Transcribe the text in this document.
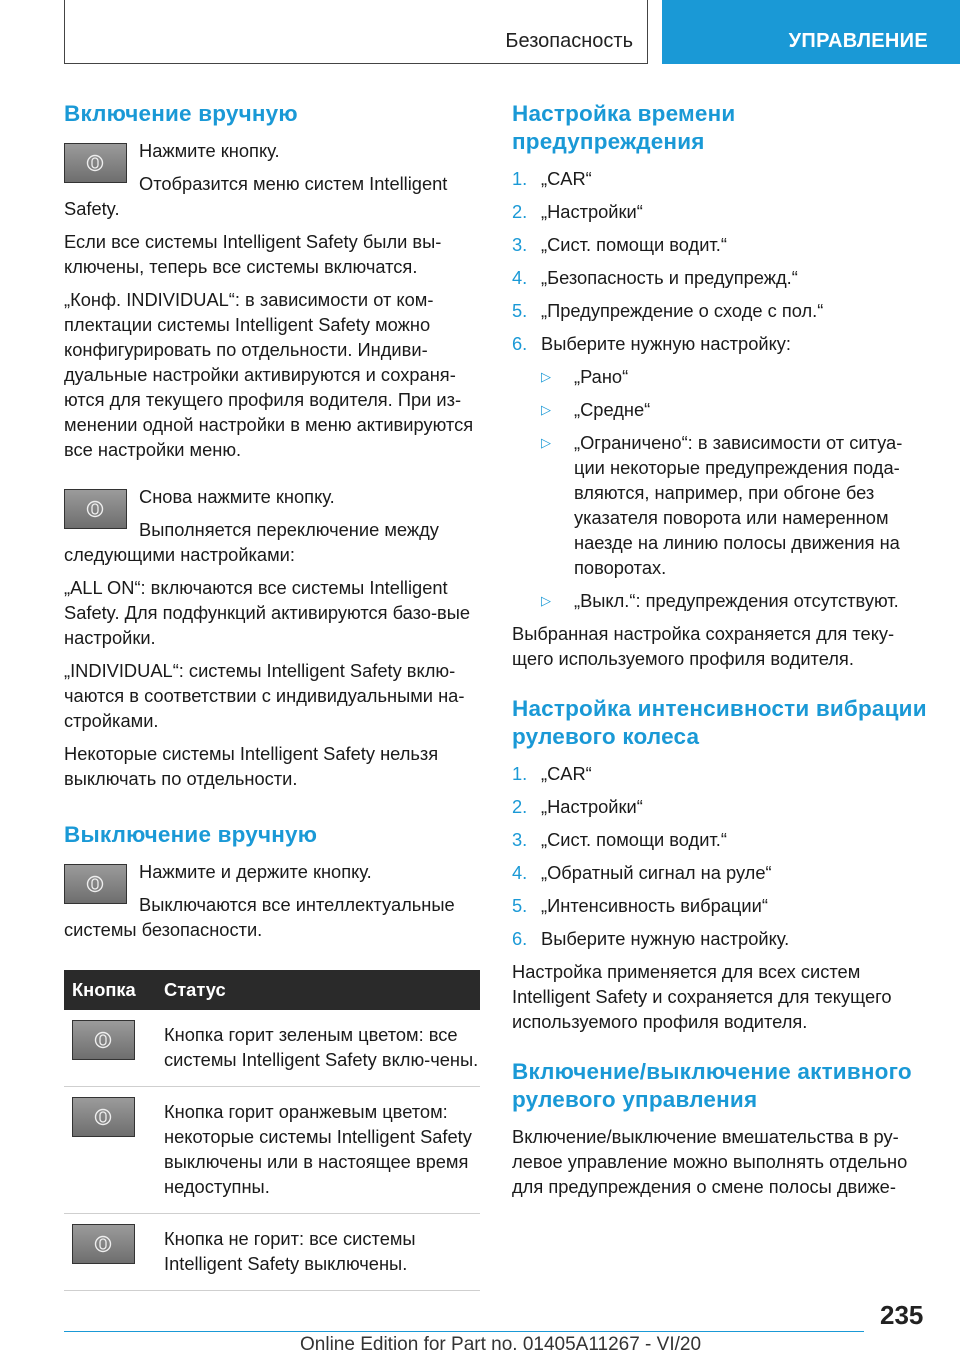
Безопасность	УПРАВЛЕНИЕ
Включение вручную

Нажмите кнопку.

Отобразится меню систем Intelligent Safety.

Если все системы Intelligent Safety были вы-ключены, теперь все системы включатся.

„Конф. INDIVIDUAL“: в зависимости от ком-плектации системы Intelligent Safety можно конфигурировать по отдельности. Индиви-дуальные настройки активируются и сохраня-ются для текущего профиля водителя. При из-менении одной настройки в меню активируются все настройки меню.

Снова нажмите кнопку.

Выполняется переключение между следующими настройками:

„ALL ON“: включаются все системы Intelligent Safety. Для подфункций активируются базо-вые настройки.

„INDIVIDUAL“: системы Intelligent Safety вклю-чаются в соответствии с индивидуальными на-стройками.

Некоторые системы Intelligent Safety нельзя выключать по отдельности.

Выключение вручную

Нажмите и держите кнопку.

Выключаются все интеллектуальные системы безопасности.

Кнопка	Статус

	Кнопка горит зеленым цветом: все системы Intelligent Safety вклю-чены.

	Кнопка горит оранжевым цветом: некоторые системы Intelligent Safety выключены или в настоящее время недоступны.

	Кнопка не горит: все системы Intelligent Safety выключены.
Настройка времени предупреждения
1. „CAR“
2. „Настройки“
3. „Сист. помощи водит.“
4. „Безопасность и предупрежд.“
5. „Предупреждение о сходе с пол.“
6. Выберите нужную настройку:
▷ „Рано“
▷ „Средне“
▷ „Ограничено“: в зависимости от ситуа-ции некоторые предупреждения пода-вляются, например, при обгоне без указателя поворота или намеренном наезде на линию полосы движения на поворотах.
▷ „Выкл.“: предупреждения отсутствуют.

Выбранная настройка сохраняется для теку-щего используемого профиля водителя.

Настройка интенсивности вибрации рулевого колеса
1. „CAR“
2. „Настройки“
3. „Сист. помощи водит.“
4. „Обратный сигнал на руле“
5. „Интенсивность вибрации“
6. Выберите нужную настройку.

Настройка применяется для всех систем Intelligent Safety и сохраняется для текущего используемого профиля водителя.

Включение/выключение активного рулевого управления

Включение/выключение вмешательства в ру-левое управление можно выполнять отдельно для предупреждения о смене полосы движе-

235
Online Edition for Part no. 01405A11267 - VI/20
